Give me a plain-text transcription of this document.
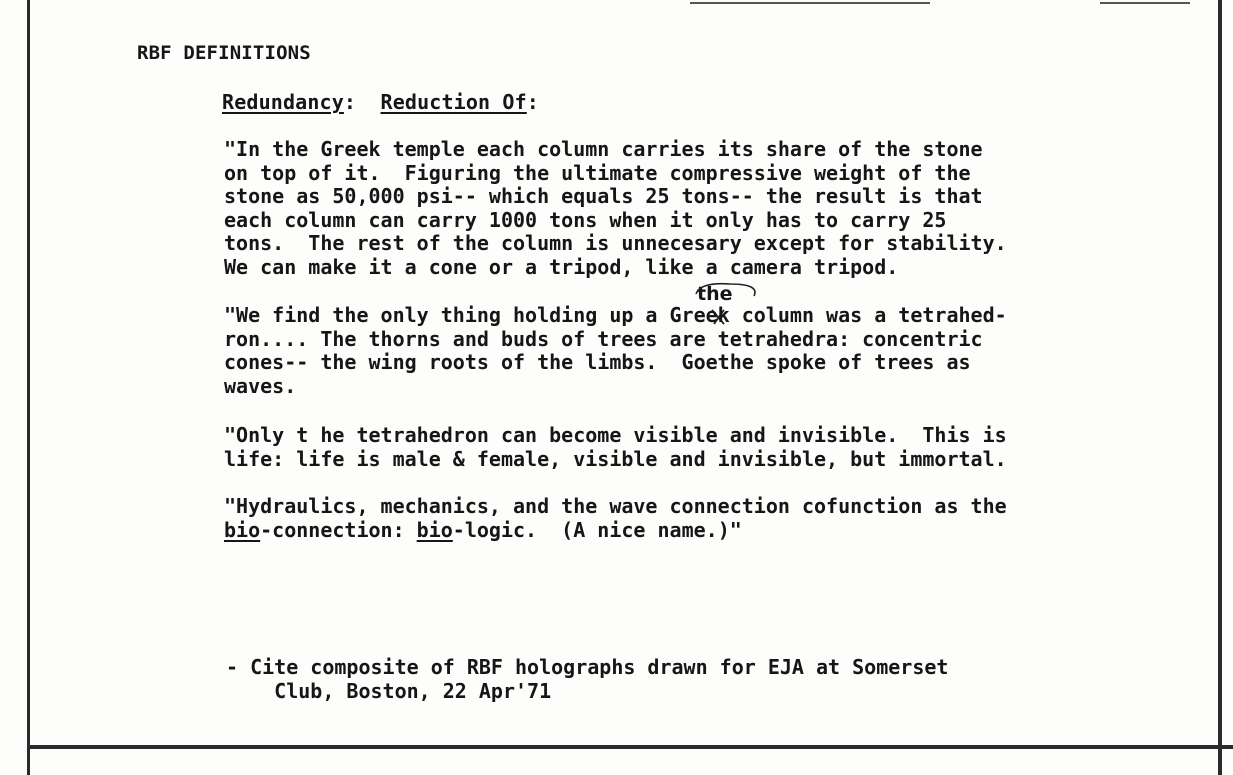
RBF DEFINITIONS
Redundancy:  Reduction Of:
"In the Greek temple each column carries its share of the stone
on top of it.  Figuring the ultimate compressive weight of the
stone as 50,000 psi-- which equals 25 tons-- the result is that
each column can carry 1000 tons when it only has to carry 25
tons.  The rest of the column is unnecesary except for stability.
We can make it a cone or a tripod, like a camera tripod.
the
"We find the only thing holding up a Greek column was a tetrahed-
ron.... The thorns and buds of trees are tetrahedra: concentric
cones-- the wing roots of the limbs.  Goethe spoke of trees as
waves.
"Only t he tetrahedron can become visible and invisible.  This is
life: life is male & female, visible and invisible, but immortal.
"Hydraulics, mechanics, and the wave connection cofunction as the
bio-connection: bio-logic.  (A nice name.)"
- Cite composite of RBF holographs drawn for EJA at Somerset
Club, Boston, 22 Apr'71
